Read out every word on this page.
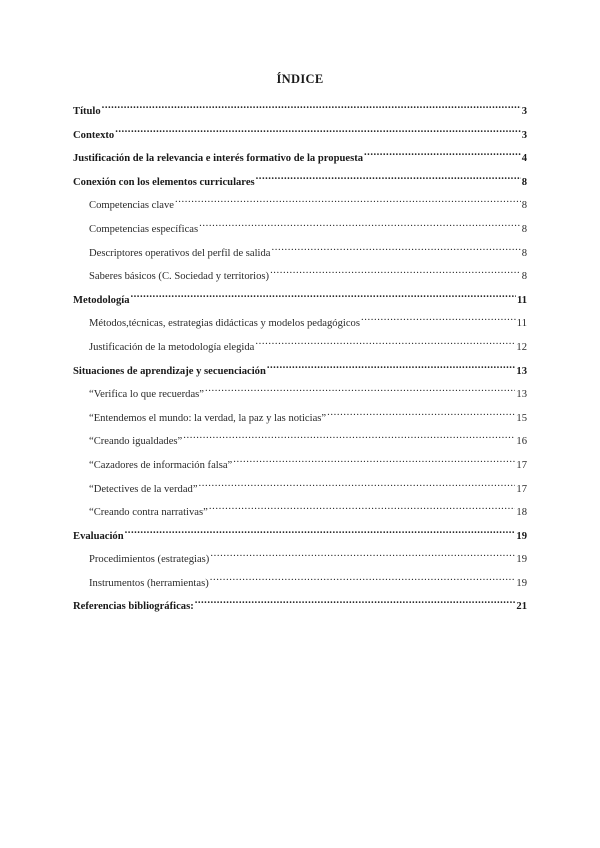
ÍNDICE
Título .....	3
Contexto .....	3
Justificación de la relevancia e interés formativo de la propuesta .....	4
Conexión con los elementos curriculares .....	8
Competencias clave .....	8
Competencias específicas .....	8
Descriptores operativos del perfil de salida .....	8
Saberes básicos (C. Sociedad y territorios) .....	8
Metodología .....	11
Métodos,técnicas, estrategias didácticas y modelos pedagógicos .....	11
Justificación de la metodología elegida .....	12
Situaciones de aprendizaje y secuenciación .....	13
“Verifica lo que recuerdas” .....	13
“Entendemos el mundo: la verdad, la paz y las noticias” .....	15
“Creando igualdades” .....	16
“Cazadores de información falsa” .....	17
“Detectives de la verdad” .....	17
“Creando contra narrativas” .....	18
Evaluación .....	19
Procedimientos (estrategias) .....	19
Instrumentos (herramientas) .....	19
Referencias bibliográficas: .....	21
